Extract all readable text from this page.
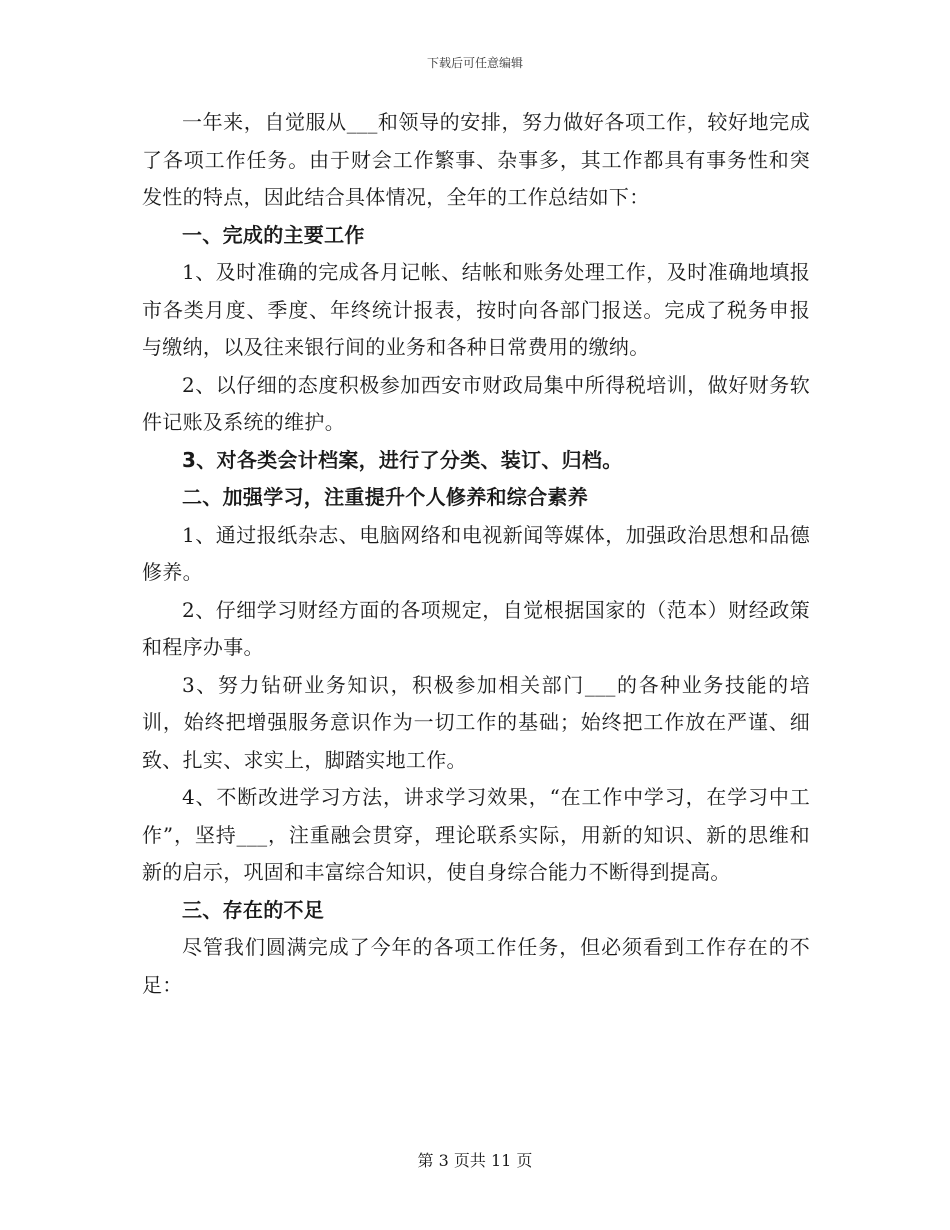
下载后可任意编辑

一年来，自觉服从___和领导的安排，努力做好各项工作，较好地完成了各项工作任务。由于财会工作繁事、杂事多，其工作都具有事务性和突发性的特点，因此结合具体情况，全年的工作总结如下：

一、完成的主要工作

1、及时准确的完成各月记帐、结帐和账务处理工作，及时准确地填报市各类月度、季度、年终统计报表，按时向各部门报送。完成了税务申报与缴纳，以及往来银行间的业务和各种日常费用的缴纳。

2、以仔细的态度积极参加西安市财政局集中所得税培训，做好财务软件记账及系统的维护。

3、对各类会计档案，进行了分类、装订、归档。

二、加强学习，注重提升个人修养和综合素养

1、通过报纸杂志、电脑网络和电视新闻等媒体，加强政治思想和品德修养。

2、仔细学习财经方面的各项规定，自觉根据国家的（范本）财经政策和程序办事。

3、努力钻研业务知识，积极参加相关部门___的各种业务技能的培训，始终把增强服务意识作为一切工作的基础；始终把工作放在严谨、细致、扎实、求实上，脚踏实地工作。

4、不断改进学习方法，讲求学习效果，“在工作中学习，在学习中工作”，坚持___，注重融会贯穿，理论联系实际，用新的知识、新的思维和新的启示，巩固和丰富综合知识，使自身综合能力不断得到提高。

三、存在的不足

尽管我们圆满完成了今年的各项工作任务，但必须看到工作存在的不足：

第 3 页共 11 页
